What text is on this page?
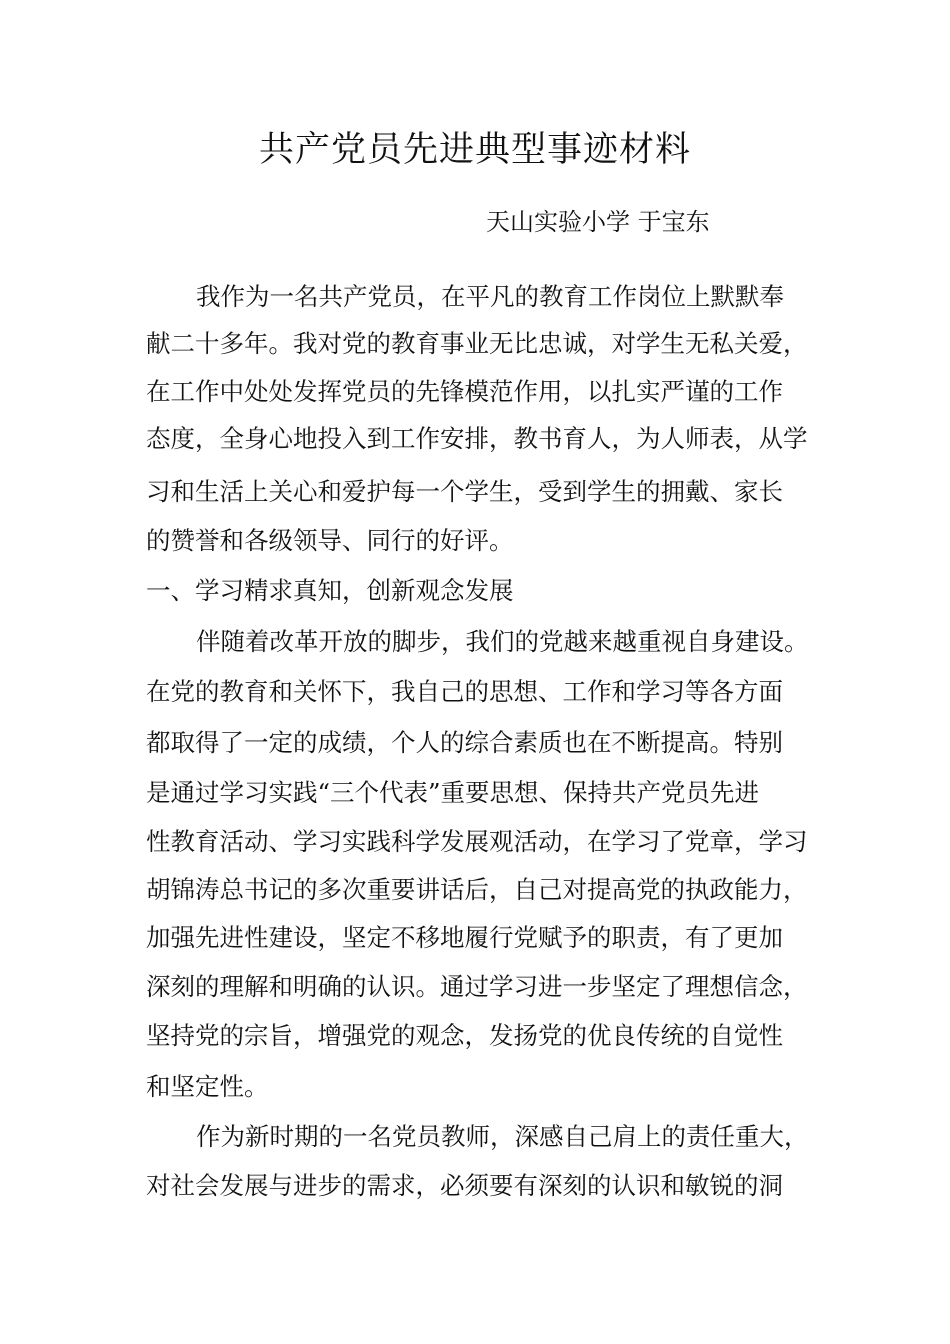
共产党员先进典型事迹材料
天山实验小学 于宝东
我作为一名共产党员，在平凡的教育工作岗位上默默奉
献二十多年。我对党的教育事业无比忠诚，对学生无私关爱，
在工作中处处发挥党员的先锋模范作用，以扎实严谨的工作
态度，全身心地投入到工作安排，教书育人，为人师表，从学
习和生活上关心和爱护每一个学生，受到学生的拥戴、家长
的赞誉和各级领导、同行的好评。
一、学习精求真知，创新观念发展
伴随着改革开放的脚步，我们的党越来越重视自身建设。
在党的教育和关怀下，我自己的思想、工作和学习等各方面
都取得了一定的成绩，个人的综合素质也在不断提高。特别
是通过学习实践“三个代表”重要思想、保持共产党员先进
性教育活动、学习实践科学发展观活动，在学习了党章，学习
胡锦涛总书记的多次重要讲话后，自己对提高党的执政能力，
加强先进性建设，坚定不移地履行党赋予的职责，有了更加
深刻的理解和明确的认识。通过学习进一步坚定了理想信念，
坚持党的宗旨，增强党的观念，发扬党的优良传统的自觉性
和坚定性。
作为新时期的一名党员教师，深感自己肩上的责任重大，
对社会发展与进步的需求，必须要有深刻的认识和敏锐的洞
